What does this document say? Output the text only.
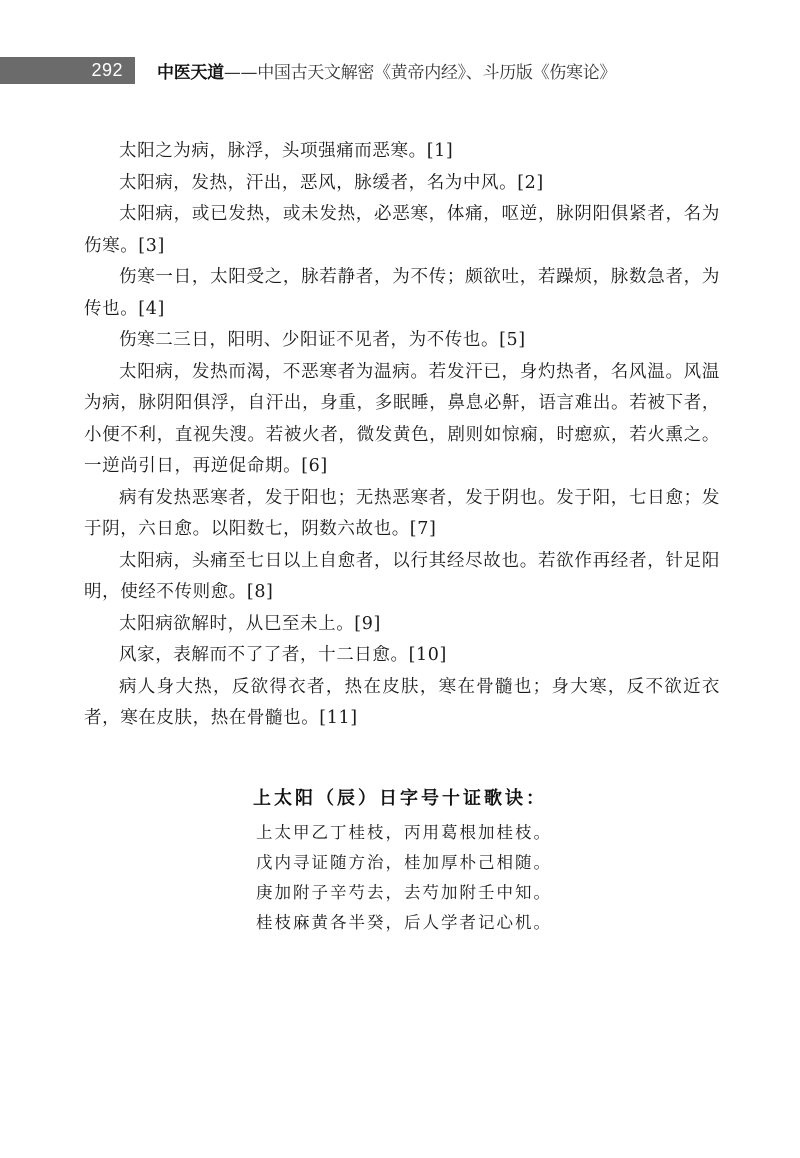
292 中医天道——中国古天文解密《黄帝内经》、斗历版《伤寒论》

太阳之为病，脉浮，头项强痛而恶寒。[1]

太阳病，发热，汗出，恶风，脉缓者，名为中风。[2]

太阳病，或已发热，或未发热，必恶寒，体痛，呕逆，脉阴阳俱紧者，名为伤寒。[3]

伤寒一日，太阳受之，脉若静者，为不传；颇欲吐，若躁烦，脉数急者，为传也。[4]

伤寒二三日，阳明、少阳证不见者，为不传也。[5]

太阳病，发热而渴，不恶寒者为温病。若发汗已，身灼热者，名风温。风温为病，脉阴阳俱浮，自汗出，身重，多眠睡，鼻息必鼾，语言难出。若被下者，小便不利，直视失溲。若被火者，微发黄色，剧则如惊痫，时瘛疭，若火熏之。一逆尚引日，再逆促命期。[6]

病有发热恶寒者，发于阳也；无热恶寒者，发于阴也。发于阳，七日愈；发于阴，六日愈。以阳数七，阴数六故也。[7]

太阳病，头痛至七日以上自愈者，以行其经尽故也。若欲作再经者，针足阳明，使经不传则愈。[8]

太阳病欲解时，从巳至未上。[9]

风家，表解而不了了者，十二日愈。[10]

病人身大热，反欲得衣者，热在皮肤，寒在骨髓也；身大寒，反不欲近衣者，寒在皮肤，热在骨髓也。[11]

上太阳（辰）日字号十证歌诀：

上太甲乙丁桂枝，丙用葛根加桂枝。

戊内寻证随方治，桂加厚朴己相随。

庚加附子辛芍去，去芍加附壬中知。

桂枝麻黄各半癸，后人学者记心机。
